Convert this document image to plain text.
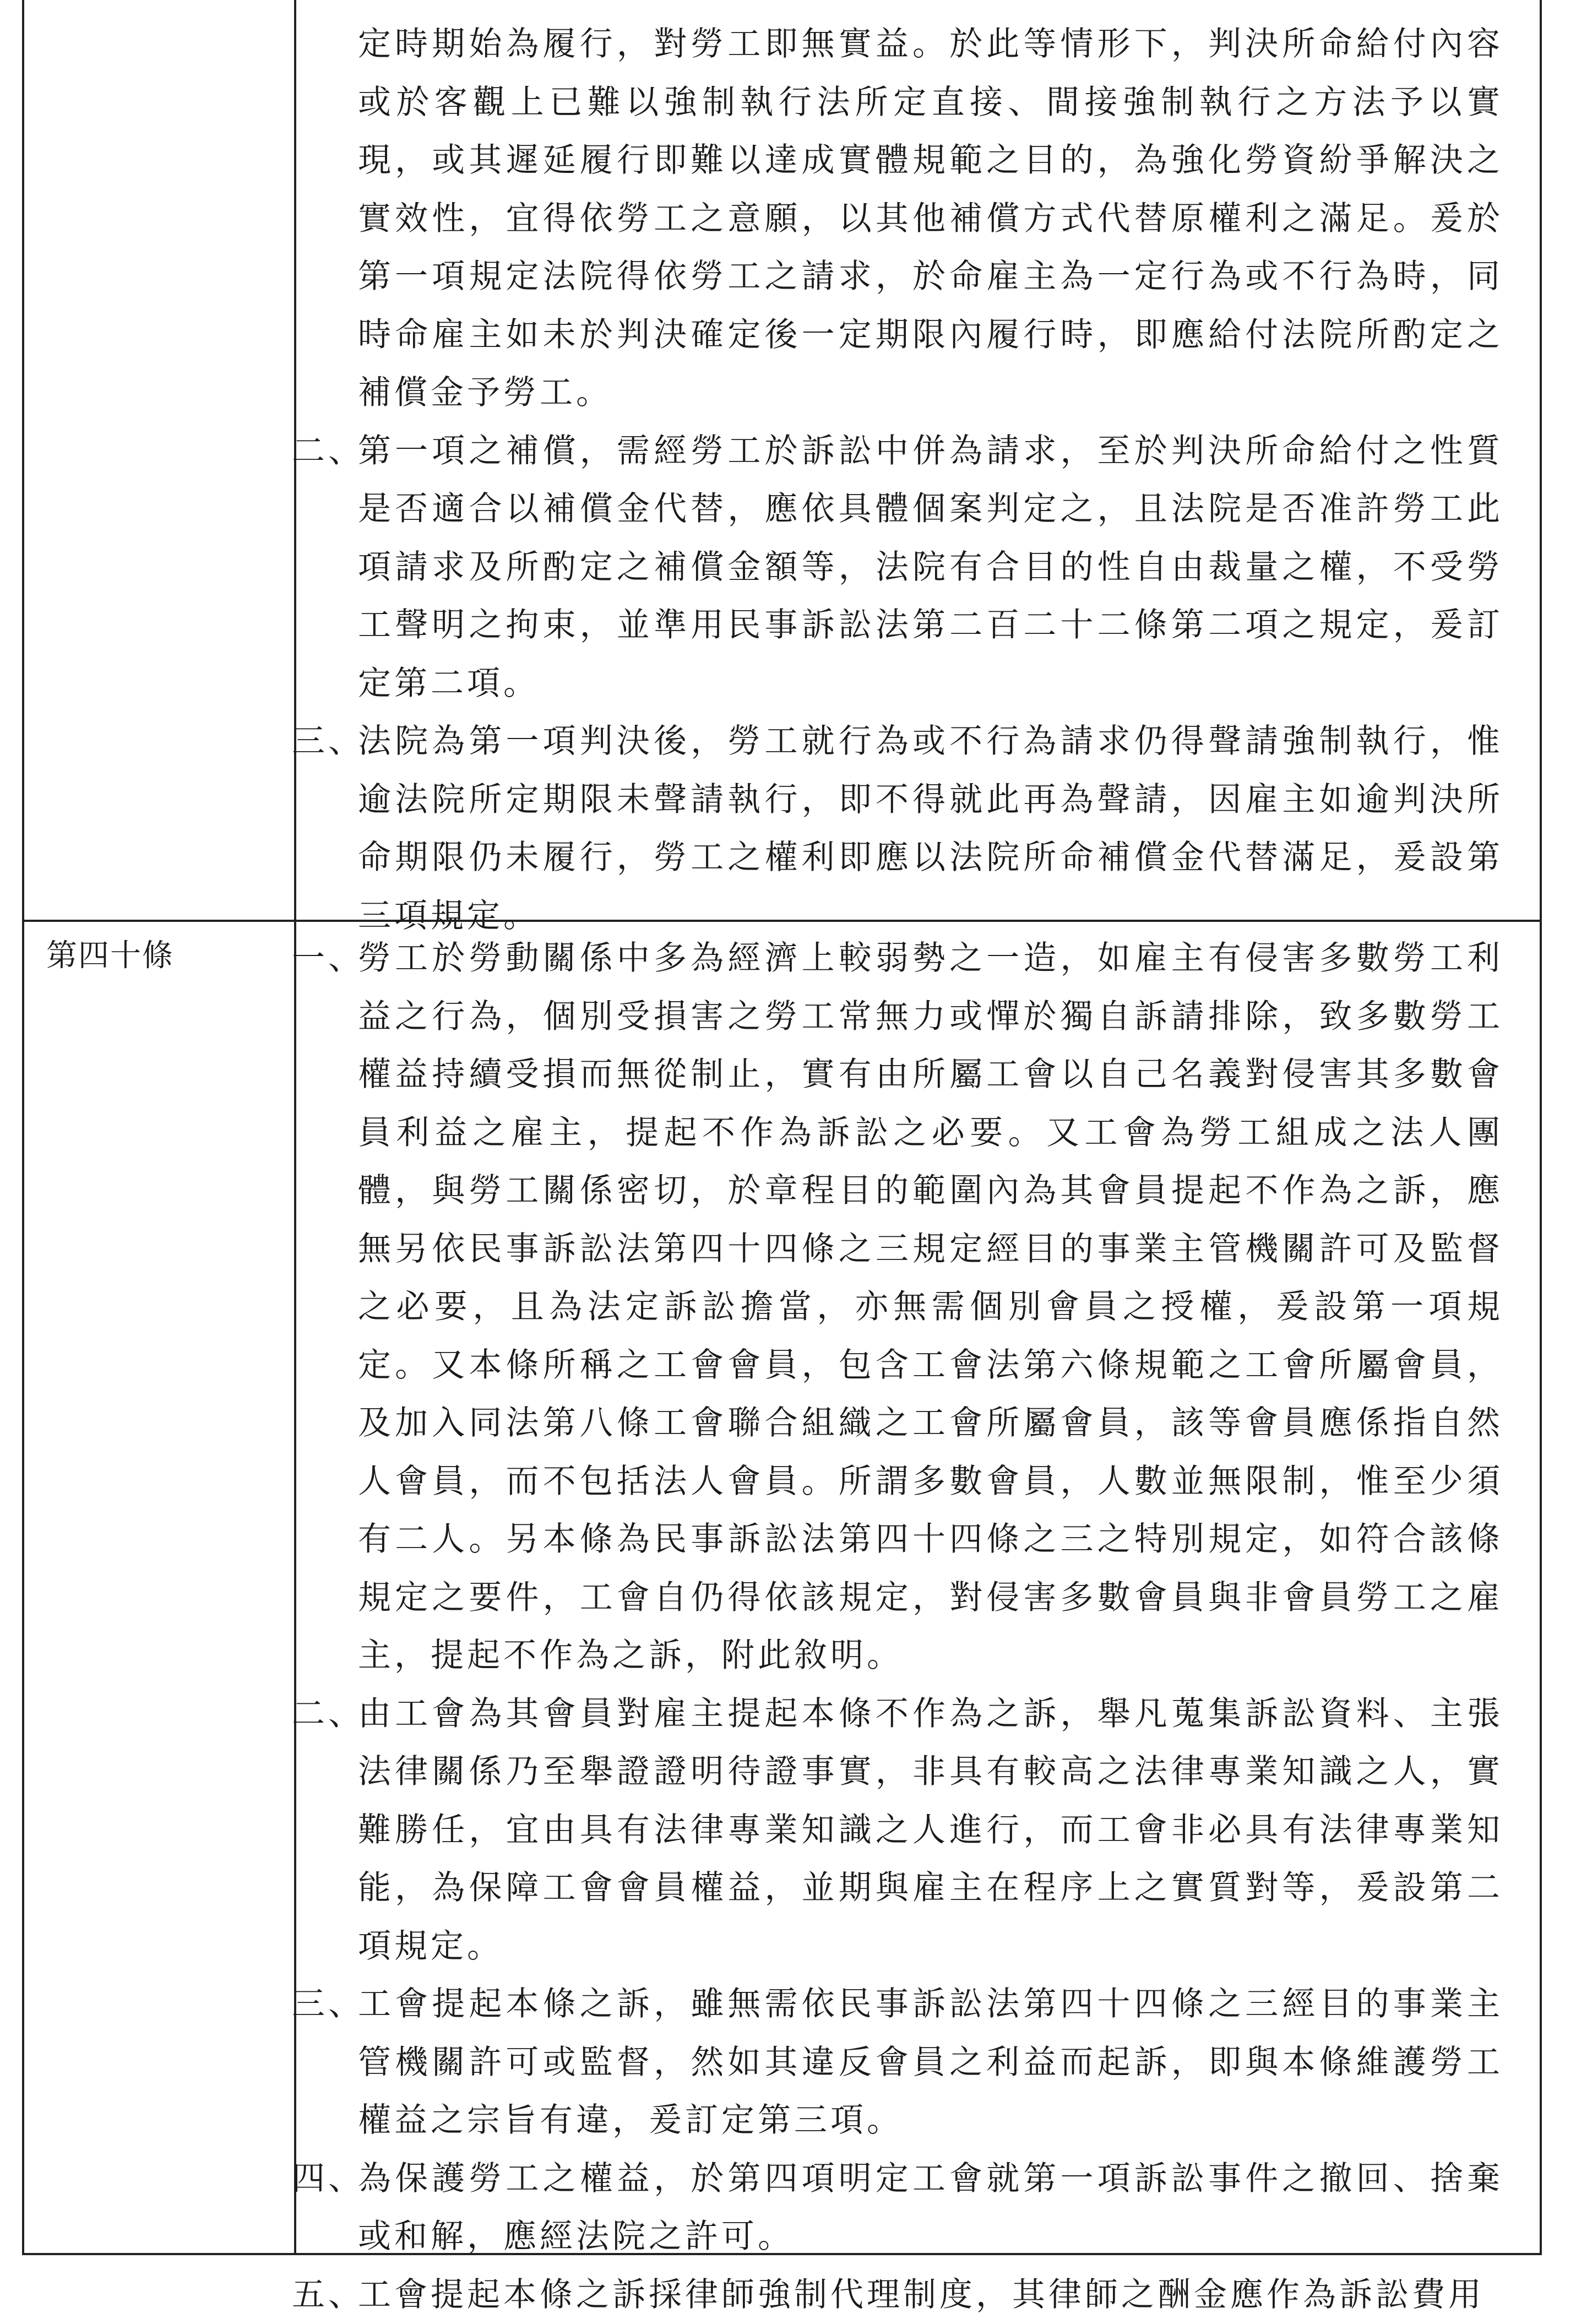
第四十條

定時期始為履行，對勞工即無實益。於此等情形下，判決所命給付內容或於客觀上已難以強制執行法所定直接、間接強制執行之方法予以實現，或其遲延履行即難以達成實體規範之目的，為強化勞資紛爭解決之實效性，宜得依勞工之意願，以其他補償方式代替原權利之滿足。爰於第一項規定法院得依勞工之請求，於命雇主為一定行為或不行為時，同時命雇主如未於判決確定後一定期限內履行時，即應給付法院所酌定之補償金予勞工。

二、

第一項之補償，需經勞工於訴訟中併為請求，至於判決所命給付之性質是否適合以補償金代替，應依具體個案判定之，且法院是否准許勞工此項請求及所酌定之補償金額等，法院有合目的性自由裁量之權，不受勞工聲明之拘束，並準用民事訴訟法第二百二十二條第二項之規定，爰訂定第二項。

三、

法院為第一項判決後，勞工就行為或不行為請求仍得聲請強制執行，惟逾法院所定期限未聲請執行，即不得就此再為聲請，因雇主如逾判決所命期限仍未履行，勞工之權利即應以法院所命補償金代替滿足，爰設第三項規定。

一、

勞工於勞動關係中多為經濟上較弱勢之一造，如雇主有侵害多數勞工利益之行為，個別受損害之勞工常無力或憚於獨自訴請排除，致多數勞工權益持續受損而無從制止，實有由所屬工會以自己名義對侵害其多數會員利益之雇主，提起不作為訴訟之必要。又工會為勞工組成之法人團體，與勞工關係密切，於章程目的範圍內為其會員提起不作為之訴，應無另依民事訴訟法第四十四條之三規定經目的事業主管機關許可及監督之必要，且為法定訴訟擔當，亦無需個別會員之授權，爰設第一項規定。又本條所稱之工會會員，包含工會法第六條規範之工會所屬會員，及加入同法第八條工會聯合組織之工會所屬會員，該等會員應係指自然人會員，而不包括法人會員。所謂多數會員，人數並無限制，惟至少須有二人。另本條為民事訴訟法第四十四條之三之特別規定，如符合該條規定之要件，工會自仍得依該規定，對侵害多數會員與非會員勞工之雇主，提起不作為之訴，附此敘明。

二、

由工會為其會員對雇主提起本條不作為之訴，舉凡蒐集訴訟資料、主張法律關係乃至舉證證明待證事實，非具有較高之法律專業知識之人，實難勝任，宜由具有法律專業知識之人進行，而工會非必具有法律專業知能，為保障工會會員權益，並期與雇主在程序上之實質對等，爰設第二項規定。

三、

工會提起本條之訴，雖無需依民事訴訟法第四十四條之三經目的事業主管機關許可或監督，然如其違反會員之利益而起訴，即與本條維護勞工權益之宗旨有違，爰訂定第三項。

四、

為保護勞工之權益，於第四項明定工會就第一項訴訟事件之撤回、捨棄或和解，應經法院之許可。

五、

工會提起本條之訴採律師強制代理制度，其律師之酬金應作為訴訟費用
